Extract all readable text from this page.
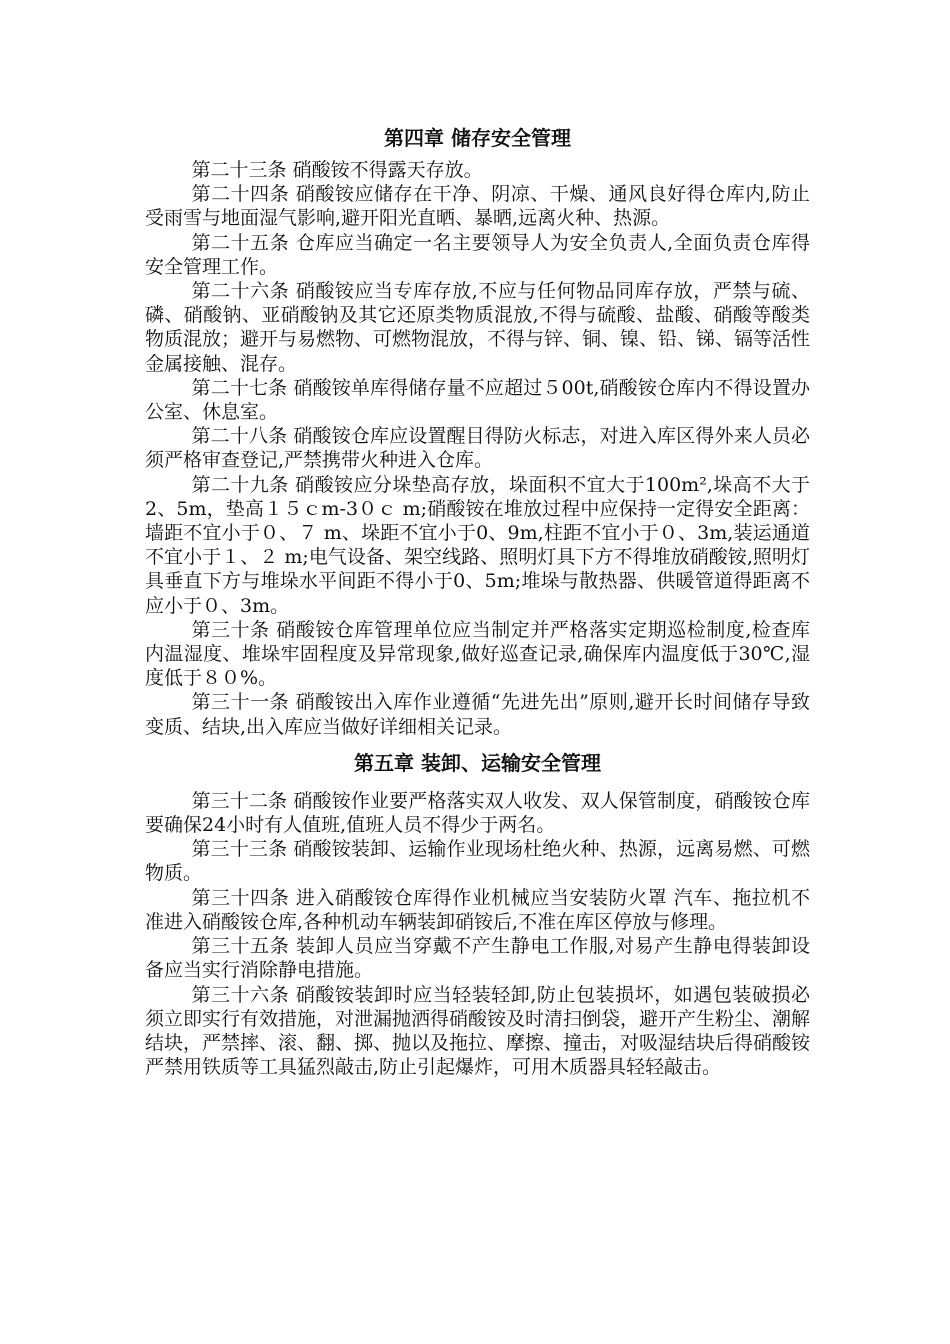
第四章 储存安全管理

第二十三条 硝酸铵不得露天存放。

第二十四条 硝酸铵应储存在干净、阴凉、干燥、通风良好得仓库内,防止受雨雪与地面湿气影响,避开阳光直晒、暴晒,远离火种、热源。

第二十五条 仓库应当确定一名主要领导人为安全负责人,全面负责仓库得安全管理工作。

第二十六条 硝酸铵应当专库存放,不应与任何物品同库存放，严禁与硫、磷、硝酸钠、亚硝酸钠及其它还原类物质混放,不得与硫酸、盐酸、硝酸等酸类物质混放；避开与易燃物、可燃物混放，不得与锌、铜、镍、铅、锑、镉等活性金属接触、混存。

第二十七条 硝酸铵单库得储存量不应超过５00t,硝酸铵仓库内不得设置办公室、休息室。

第二十八条 硝酸铵仓库应设置醒目得防火标志，对进入库区得外来人员必须严格审查登记,严禁携带火种进入仓库。

第二十九条 硝酸铵应分垛垫高存放，垛面积不宜大于100m²,垛高不大于2、5m，垫高１５ｃm-3０ｃ m;硝酸铵在堆放过程中应保持一定得安全距离：墙距不宜小于０、７ m、垛距不宜小于0、9m,柱距不宜小于０、3m,装运通道不宜小于１、２ m;电气设备、架空线路、照明灯具下方不得堆放硝酸铵,照明灯具垂直下方与堆垛水平间距不得小于0、5m;堆垛与散热器、供暖管道得距离不应小于０、3m。

第三十条 硝酸铵仓库管理单位应当制定并严格落实定期巡检制度,检查库内温湿度、堆垛牢固程度及异常现象,做好巡查记录,确保库内温度低于30℃,湿度低于８０%。

第三十一条 硝酸铵出入库作业遵循“先进先出”原则,避开长时间储存导致变质、结块,出入库应当做好详细相关记录。

第五章 装卸、运输安全管理

第三十二条 硝酸铵作业要严格落实双人收发、双人保管制度，硝酸铵仓库要确保24小时有人值班,值班人员不得少于两名。

第三十三条 硝酸铵装卸、运输作业现场杜绝火种、热源，远离易燃、可燃物质。

第三十四条 进入硝酸铵仓库得作业机械应当安装防火罩 汽车、拖拉机不准进入硝酸铵仓库,各种机动车辆装卸硝铵后,不准在库区停放与修理。

第三十五条 装卸人员应当穿戴不产生静电工作服,对易产生静电得装卸设备应当实行消除静电措施。

第三十六条 硝酸铵装卸时应当轻装轻卸,防止包装损坏，如遇包装破损必须立即实行有效措施，对泄漏抛洒得硝酸铵及时清扫倒袋，避开产生粉尘、潮解结块，严禁摔、滚、翻、掷、抛以及拖拉、摩擦、撞击，对吸湿结块后得硝酸铵严禁用铁质等工具猛烈敲击,防止引起爆炸，可用木质器具轻轻敲击。
